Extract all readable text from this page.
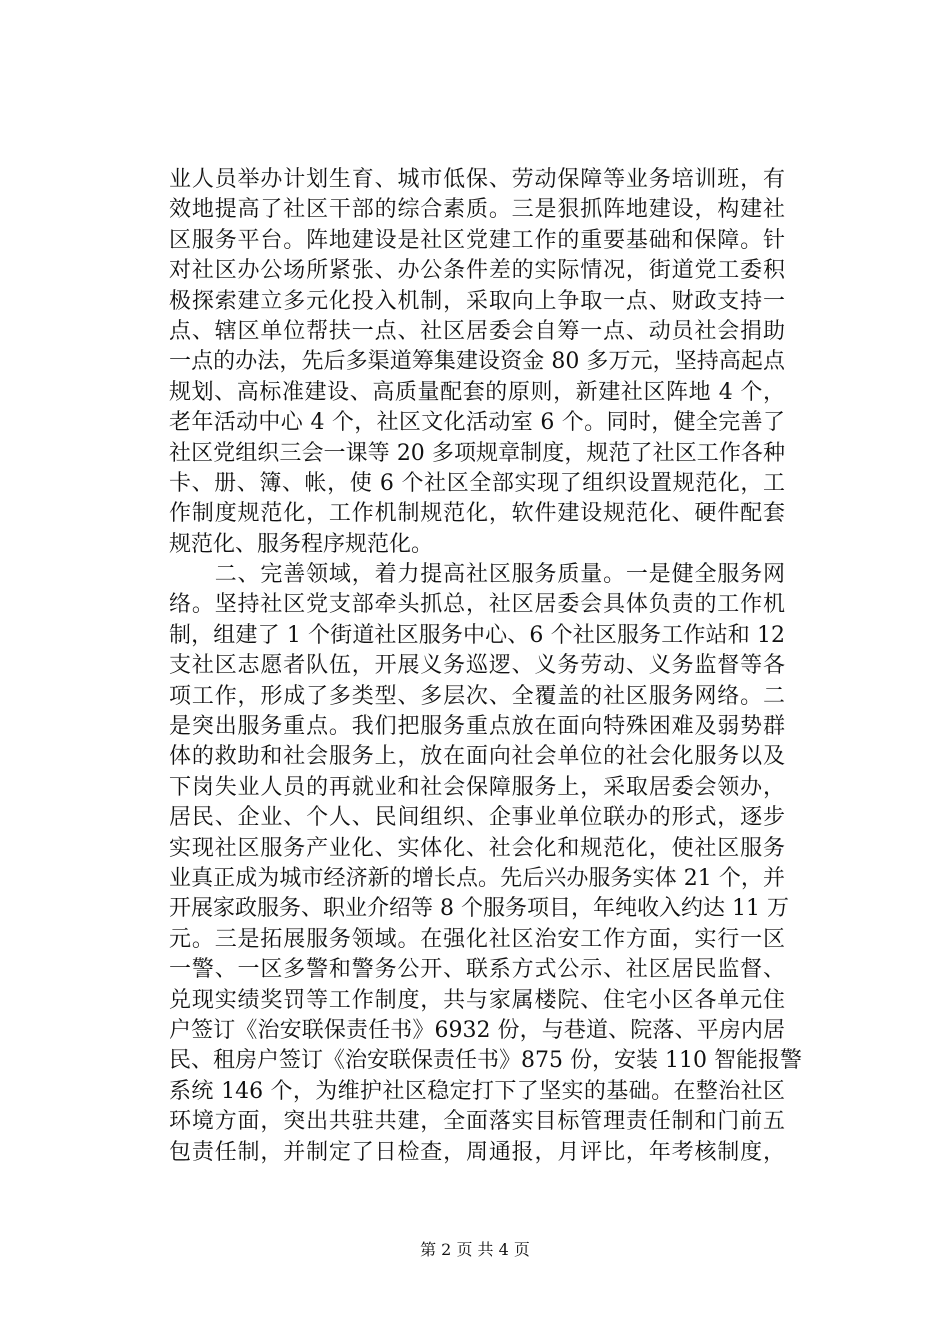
业人员举办计划生育、城市低保、劳动保障等业务培训班，有
效地提高了社区干部的综合素质。三是狠抓阵地建设，构建社
区服务平台。阵地建设是社区党建工作的重要基础和保障。针
对社区办公场所紧张、办公条件差的实际情况，街道党工委积
极探索建立多元化投入机制，采取向上争取一点、财政支持一
点、辖区单位帮扶一点、社区居委会自筹一点、动员社会捐助
一点的办法，先后多渠道筹集建设资金 80 多万元，坚持高起点
规划、高标准建设、高质量配套的原则，新建社区阵地 4 个，
老年活动中心 4 个，社区文化活动室 6 个。同时，健全完善了
社区党组织三会一课等 20 多项规章制度，规范了社区工作各种
卡、册、簿、帐，使 6 个社区全部实现了组织设置规范化，工
作制度规范化，工作机制规范化，软件建设规范化、硬件配套
规范化、服务程序规范化。
　　二、完善领域，着力提高社区服务质量。一是健全服务网
络。坚持社区党支部牵头抓总，社区居委会具体负责的工作机
制，组建了 1 个街道社区服务中心、6 个社区服务工作站和 12
支社区志愿者队伍，开展义务巡逻、义务劳动、义务监督等各
项工作，形成了多类型、多层次、全覆盖的社区服务网络。二
是突出服务重点。我们把服务重点放在面向特殊困难及弱势群
体的救助和社会服务上，放在面向社会单位的社会化服务以及
下岗失业人员的再就业和社会保障服务上，采取居委会领办，
居民、企业、个人、民间组织、企事业单位联办的形式，逐步
实现社区服务产业化、实体化、社会化和规范化，使社区服务
业真正成为城市经济新的增长点。先后兴办服务实体 21 个，并
开展家政服务、职业介绍等 8 个服务项目，年纯收入约达 11 万
元。三是拓展服务领域。在强化社区治安工作方面，实行一区
一警、一区多警和警务公开、联系方式公示、社区居民监督、
兑现实绩奖罚等工作制度，共与家属楼院、住宅小区各单元住
户签订《治安联保责任书》6932 份，与巷道、院落、平房内居
民、租房户签订《治安联保责任书》875 份，安装 110 智能报警
系统 146 个，为维护社区稳定打下了坚实的基础。在整治社区
环境方面，突出共驻共建，全面落实目标管理责任制和门前五
包责任制，并制定了日检查，周通报，月评比，年考核制度，
第 2 页 共 4 页
